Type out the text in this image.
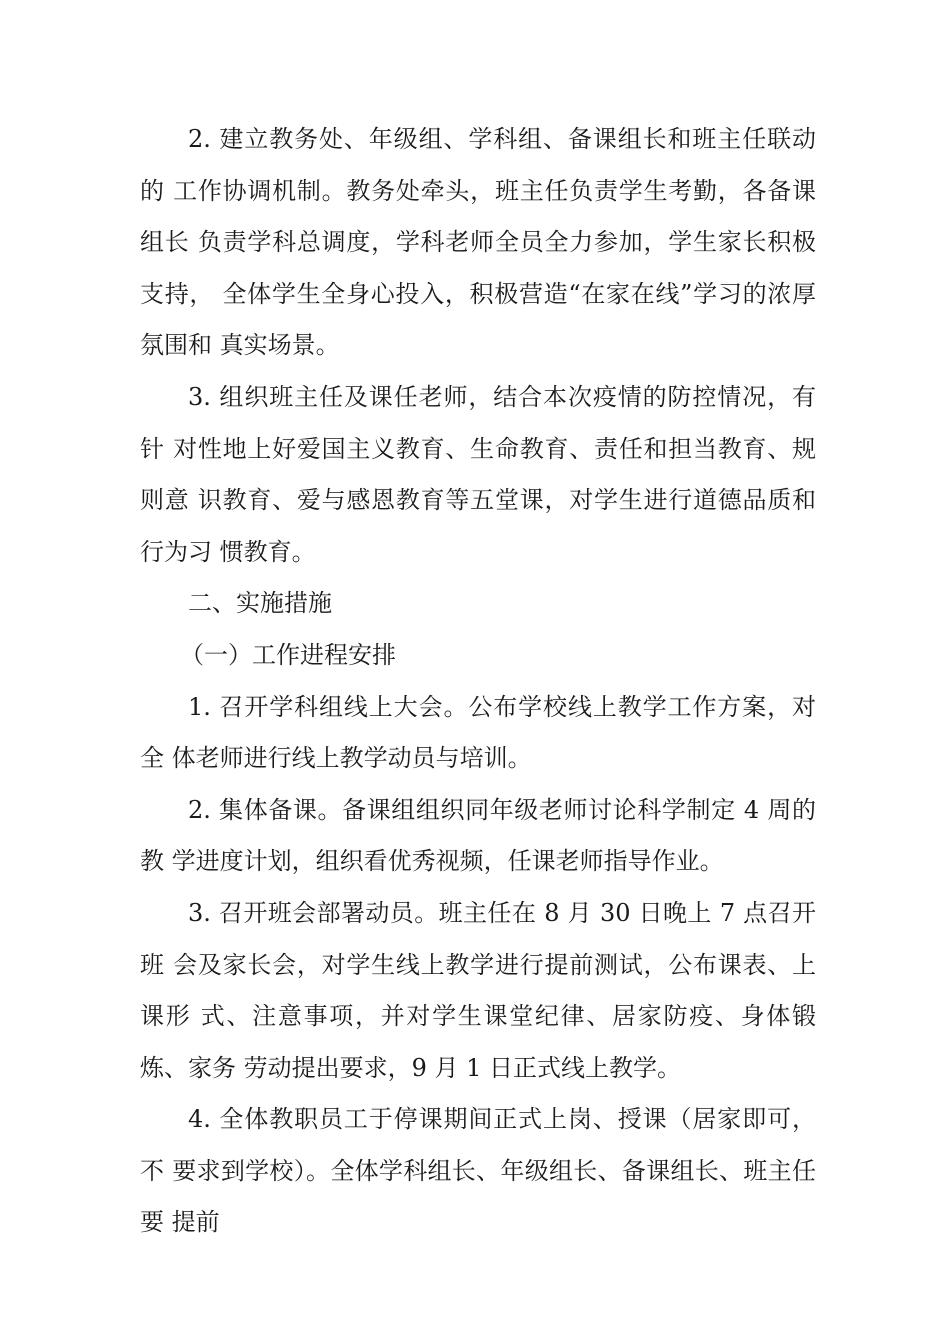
2. 建立教务处、年级组、学科组、备课组长和班主任联动的 工作协调机制。教务处牵头，班主任负责学生考勤，各备课组长 负责学科总调度，学科老师全员全力参加，学生家长积极支持， 全体学生全身心投入，积极营造“在家在线”学习的浓厚氛围和 真实场景。

3. 组织班主任及课任老师，结合本次疫情的防控情况，有针 对性地上好爱国主义教育、生命教育、责任和担当教育、规则意 识教育、爱与感恩教育等五堂课，对学生进行道德品质和行为习 惯教育。

二、实施措施

（一）工作进程安排

1. 召开学科组线上大会。公布学校线上教学工作方案，对全 体老师进行线上教学动员与培训。

2. 集体备课。备课组组织同年级老师讨论科学制定 4 周的教 学进度计划，组织看优秀视频，任课老师指导作业。

3. 召开班会部署动员。班主任在 8 月 30 日晚上 7 点召开班 会及家长会，对学生线上教学进行提前测试，公布课表、上课形 式、注意事项，并对学生课堂纪律、居家防疫、身体锻炼、家务 劳动提出要求，9 月 1 日正式线上教学。

4. 全体教职员工于停课期间正式上岗、授课（居家即可，不 要求到学校）。全体学科组长、年级组长、备课组长、班主任要 提前
